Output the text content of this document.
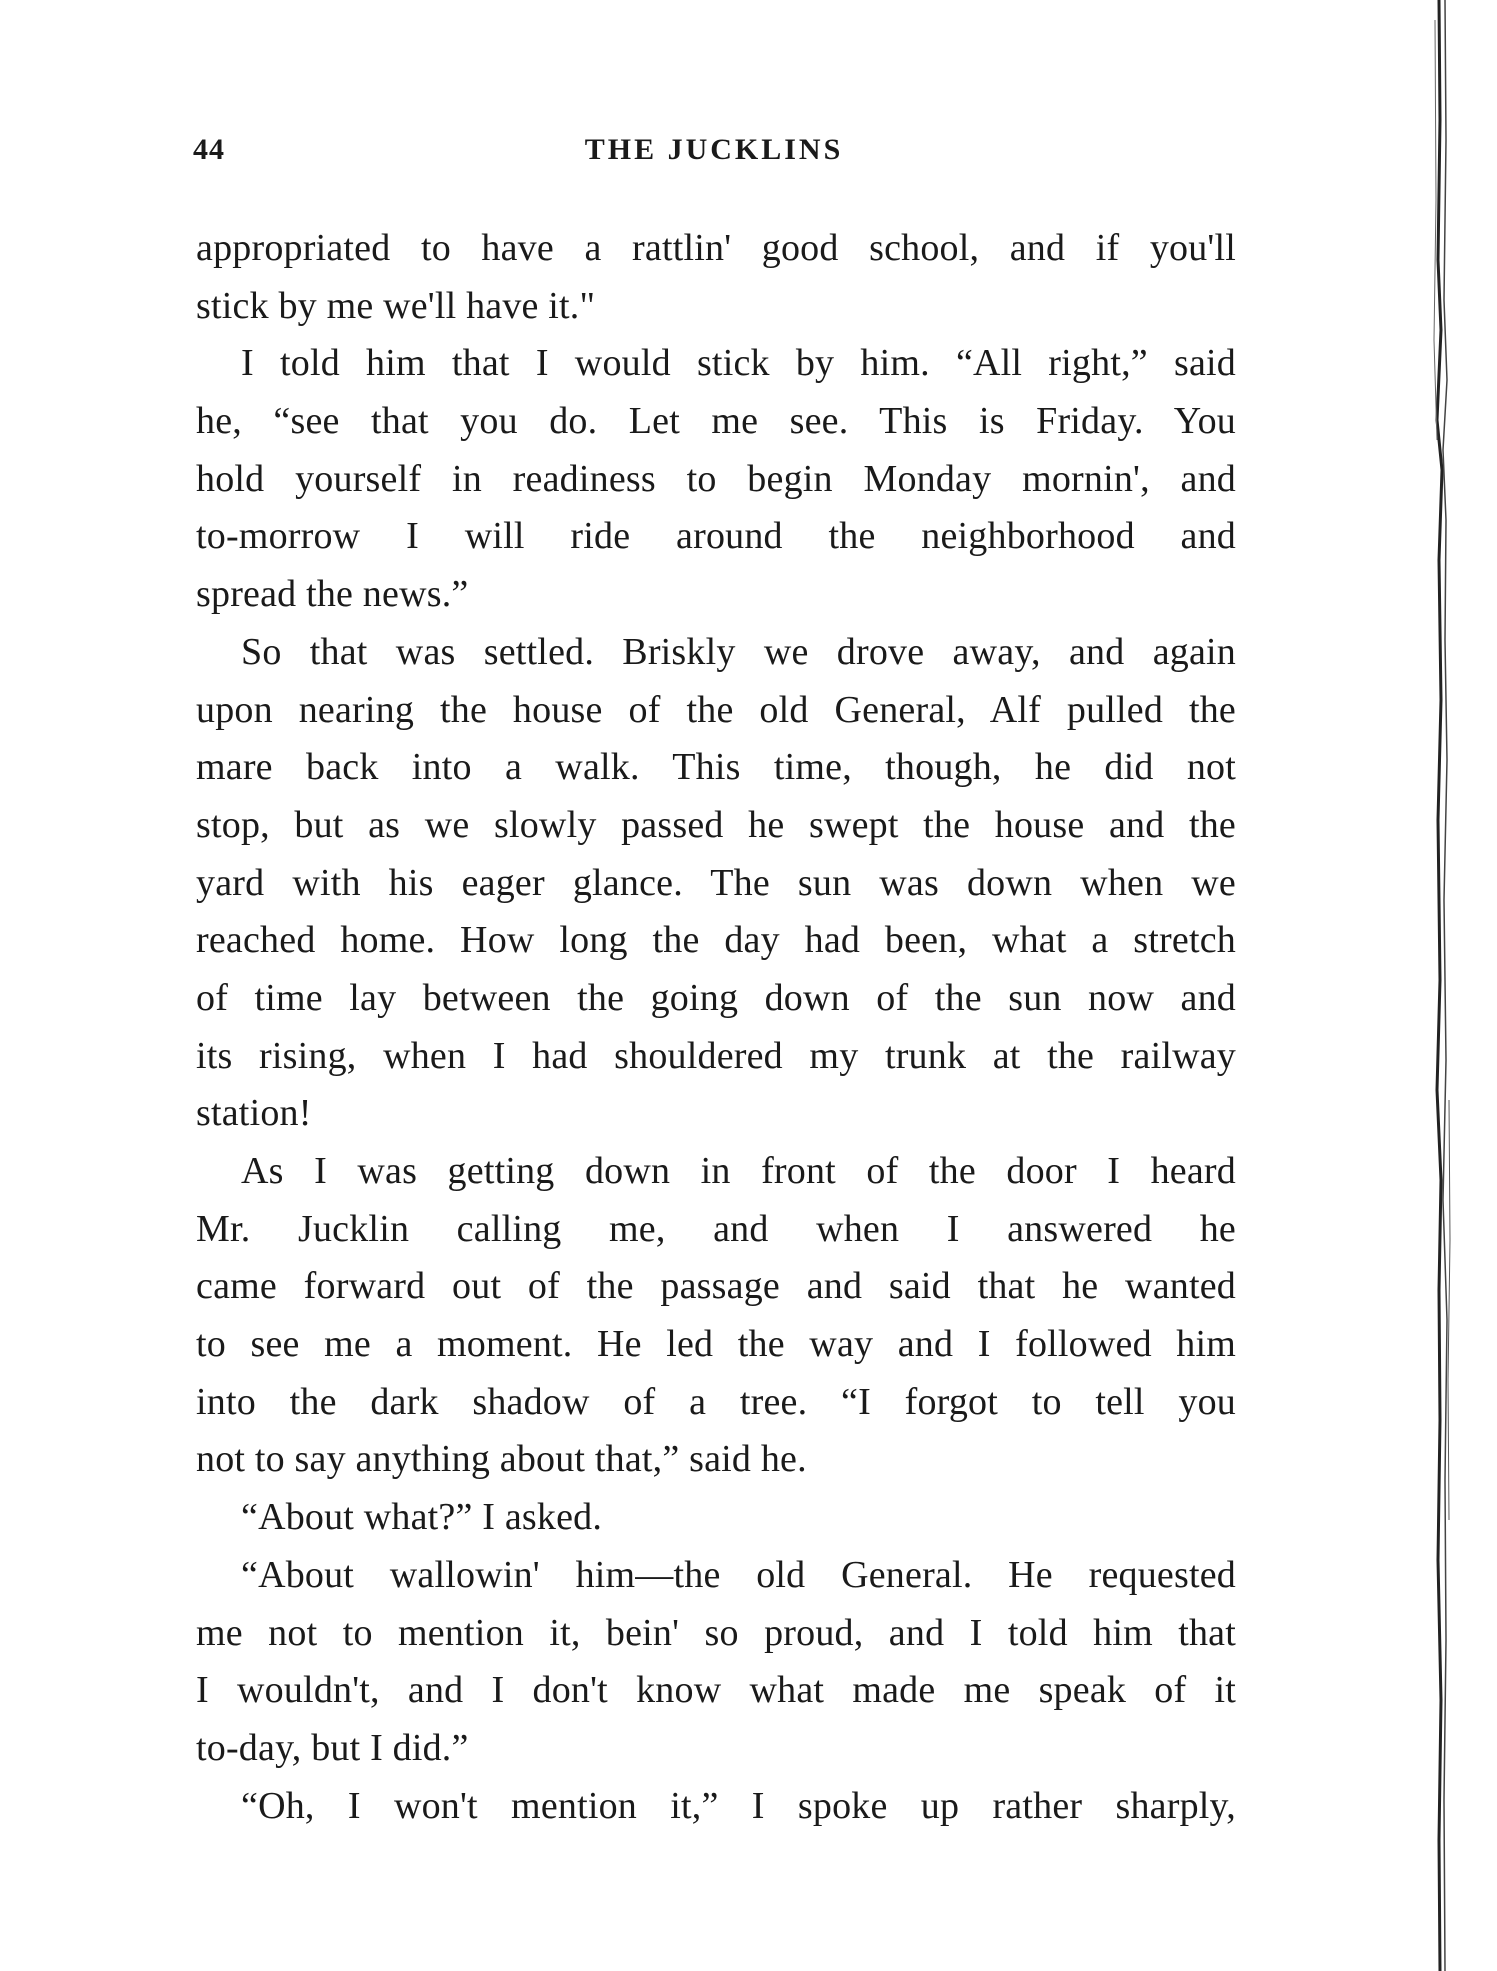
44	THE JUCKLINS
appropriated to have a rattlin' good school, and if you'll
stick by me we'll have it."
I told him that I would stick by him. “All right,” said
he, “see that you do. Let me see. This is Friday. You
hold yourself in readiness to begin Monday mornin', and
to-morrow I will ride around the neighborhood and
spread the news.”
So that was settled. Briskly we drove away, and again
upon nearing the house of the old General, Alf pulled the
mare back into a walk. This time, though, he did not
stop, but as we slowly passed he swept the house and the
yard with his eager glance. The sun was down when we
reached home. How long the day had been, what a stretch
of time lay between the going down of the sun now and
its rising, when I had shouldered my trunk at the railway
station!
As I was getting down in front of the door I heard
Mr. Jucklin calling me, and when I answered he
came forward out of the passage and said that he wanted
to see me a moment. He led the way and I followed him
into the dark shadow of a tree. “I forgot to tell you
not to say anything about that,” said he.
“About what?” I asked.
“About wallowin' him—the old General. He requested
me not to mention it, bein' so proud, and I told him that
I wouldn't, and I don't know what made me speak of it
to-day, but I did.”
“Oh, I won't mention it,” I spoke up rather sharply,
